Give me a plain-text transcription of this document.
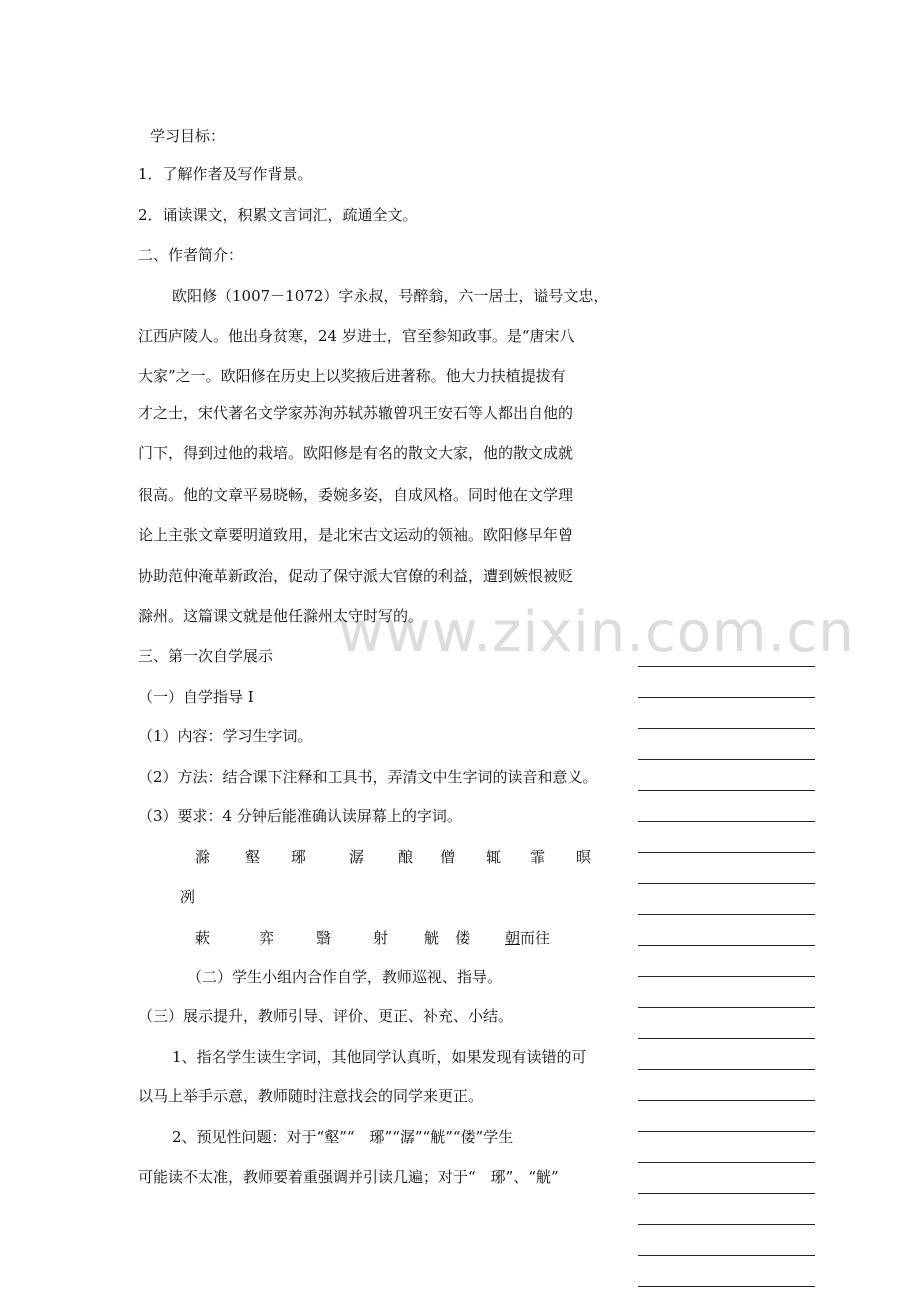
www.zixin.com.cn
学习目标：
1．了解作者及写作背景。
2．诵读课文，积累文言词汇，疏通全文。
二、作者简介：
欧阳修（1007－1072）字永叔，号醉翁，六一居士，谥号文忠，
江西庐陵人。他出身贫寒，24 岁进士，官至参知政事。是“唐宋八
大家”之一。欧阳修在历史上以奖掖后进著称。他大力扶植提拔有
才之士，宋代著名文学家苏洵苏轼苏辙曾巩王安石等人都出自他的
门下，得到过他的栽培。欧阳修是有名的散文大家，他的散文成就
很高。他的文章平易晓畅，委婉多姿，自成风格。同时他在文学理
论上主张文章要明道致用，是北宋古文运动的领袖。欧阳修早年曾
协助范仲淹革新政治，促动了保守派大官僚的利益，遭到嫉恨被贬
滁州。这篇课文就是他任滁州太守时写的。
三、第一次自学展示
（一）自学指导 I
（1）内容：学习生字词。
（2）方法：结合课下注释和工具书，弄清文中生字词的读音和意义。
（3）要求：4 分钟后能准确认读屏幕上的字词。
滁 壑 琊	潺 酿 僧 辄 霏 暝
冽
蔌	弈	翳	射 觥 偻	朝而往
（二）学生小组内合作自学，教师巡视、指导。
（三）展示提升，教师引导、评价、更正、补充、小结。
1、指名学生读生字词，其他同学认真听，如果发现有读错的可
以马上举手示意，教师随时注意找会的同学来更正。
2、预见性问题：对于“壑”“　琊”“潺”“觥”“偻”学生
可能读不太准，教师要着重强调并引读几遍；对于“　琊”、“觥”
